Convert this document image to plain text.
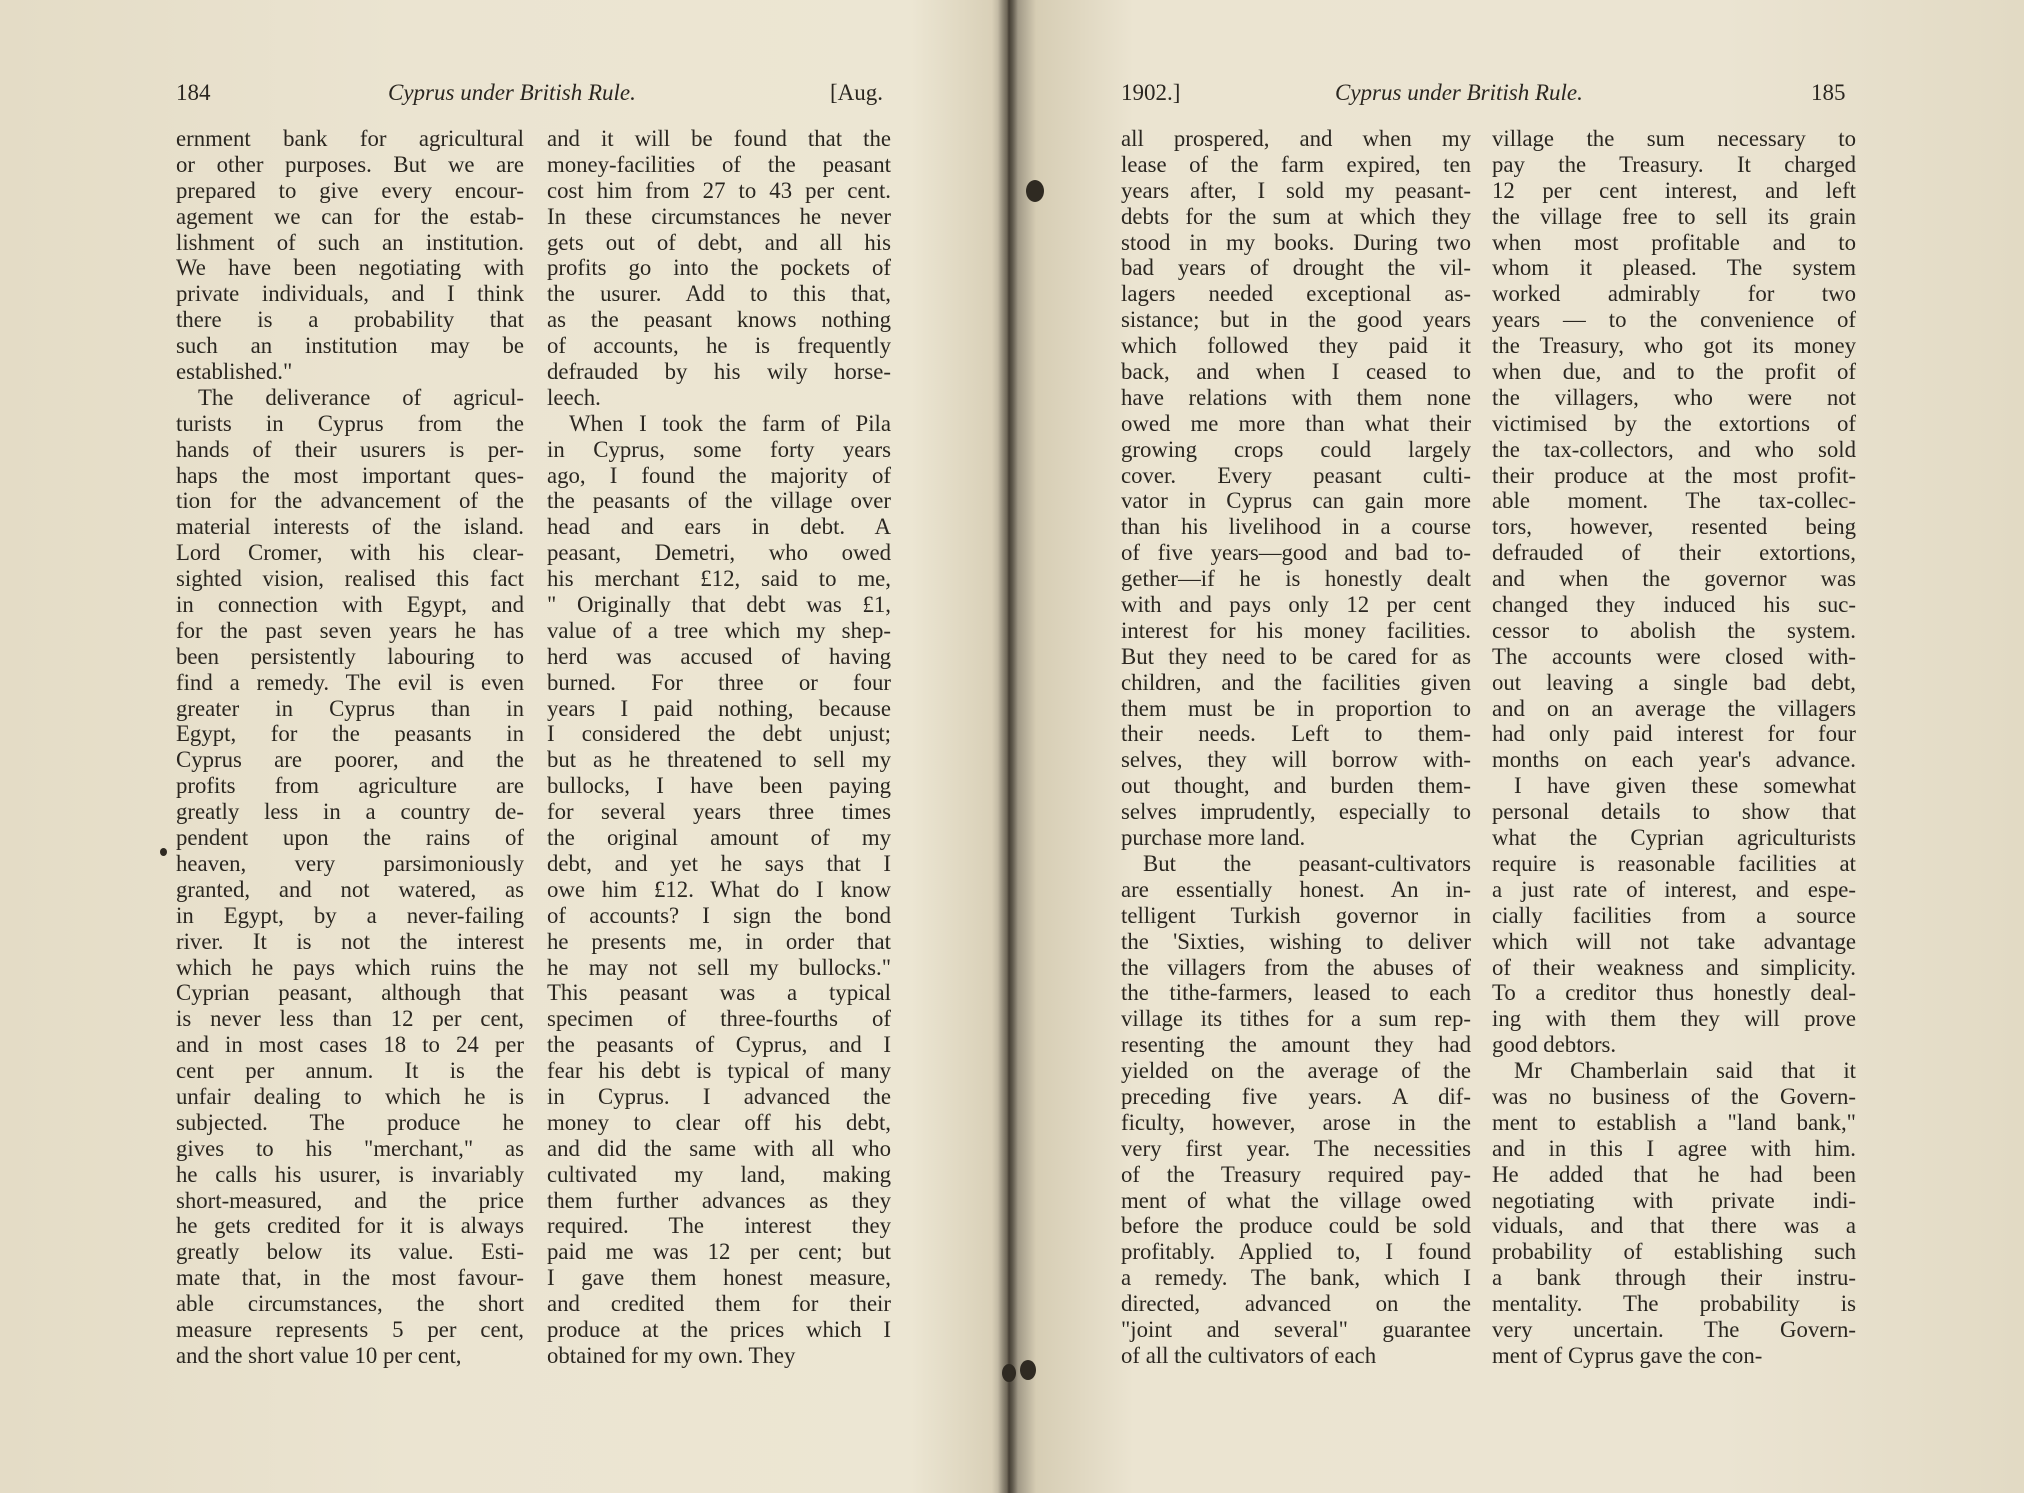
184	Cyprus under British Rule.	[Aug.
ernment bank for agricultural
or other purposes. But we are
prepared to give every encour-
agement we can for the estab-
lishment of such an institution.
We have been negotiating with
private individuals, and I think
there is a probability that
such an institution may be
established."
The deliverance of agricul-
turists in Cyprus from the
hands of their usurers is per-
haps the most important ques-
tion for the advancement of the
material interests of the island.
Lord Cromer, with his clear-
sighted vision, realised this fact
in connection with Egypt, and
for the past seven years he has
been persistently labouring to
find a remedy. The evil is even
greater in Cyprus than in
Egypt, for the peasants in
Cyprus are poorer, and the
profits from agriculture are
greatly less in a country de-
pendent upon the rains of
heaven, very parsimoniously
granted, and not watered, as
in Egypt, by a never-failing
river. It is not the interest
which he pays which ruins the
Cyprian peasant, although that
is never less than 12 per cent,
and in most cases 18 to 24 per
cent per annum. It is the
unfair dealing to which he is
subjected. The produce he
gives to his "merchant," as
he calls his usurer, is invariably
short-measured, and the price
he gets credited for it is always
greatly below its value. Esti-
mate that, in the most favour-
able circumstances, the short
measure represents 5 per cent,
and the short value 10 per cent,
and it will be found that the
money-facilities of the peasant
cost him from 27 to 43 per cent.
In these circumstances he never
gets out of debt, and all his
profits go into the pockets of
the usurer. Add to this that,
as the peasant knows nothing
of accounts, he is frequently
defrauded by his wily horse-
leech.
When I took the farm of Pila
in Cyprus, some forty years
ago, I found the majority of
the peasants of the village over
head and ears in debt. A
peasant, Demetri, who owed
his merchant £12, said to me,
" Originally that debt was £1,
value of a tree which my shep-
herd was accused of having
burned. For three or four
years I paid nothing, because
I considered the debt unjust;
but as he threatened to sell my
bullocks, I have been paying
for several years three times
the original amount of my
debt, and yet he says that I
owe him £12. What do I know
of accounts? I sign the bond
he presents me, in order that
he may not sell my bullocks."
This peasant was a typical
specimen of three-fourths of
the peasants of Cyprus, and I
fear his debt is typical of many
in Cyprus. I advanced the
money to clear off his debt,
and did the same with all who
cultivated my land, making
them further advances as they
required. The interest they
paid me was 12 per cent; but
I gave them honest measure,
and credited them for their
produce at the prices which I
obtained for my own. They
1902.]	Cyprus under British Rule.	185
all prospered, and when my
lease of the farm expired, ten
years after, I sold my peasant-
debts for the sum at which they
stood in my books. During two
bad years of drought the vil-
lagers needed exceptional as-
sistance; but in the good years
which followed they paid it
back, and when I ceased to
have relations with them none
owed me more than what their
growing crops could largely
cover. Every peasant culti-
vator in Cyprus can gain more
than his livelihood in a course
of five years—good and bad to-
gether—if he is honestly dealt
with and pays only 12 per cent
interest for his money facilities.
But they need to be cared for as
children, and the facilities given
them must be in proportion to
their needs. Left to them-
selves, they will borrow with-
out thought, and burden them-
selves imprudently, especially to
purchase more land.
But the peasant-cultivators
are essentially honest. An in-
telligent Turkish governor in
the 'Sixties, wishing to deliver
the villagers from the abuses of
the tithe-farmers, leased to each
village its tithes for a sum rep-
resenting the amount they had
yielded on the average of the
preceding five years. A dif-
ficulty, however, arose in the
very first year. The necessities
of the Treasury required pay-
ment of what the village owed
before the produce could be sold
profitably. Applied to, I found
a remedy. The bank, which I
directed, advanced on the
"joint and several" guarantee
of all the cultivators of each
village the sum necessary to
pay the Treasury. It charged
12 per cent interest, and left
the village free to sell its grain
when most profitable and to
whom it pleased. The system
worked admirably for two
years — to the convenience of
the Treasury, who got its money
when due, and to the profit of
the villagers, who were not
victimised by the extortions of
the tax-collectors, and who sold
their produce at the most profit-
able moment. The tax-collec-
tors, however, resented being
defrauded of their extortions,
and when the governor was
changed they induced his suc-
cessor to abolish the system.
The accounts were closed with-
out leaving a single bad debt,
and on an average the villagers
had only paid interest for four
months on each year's advance.
I have given these somewhat
personal details to show that
what the Cyprian agriculturists
require is reasonable facilities at
a just rate of interest, and espe-
cially facilities from a source
which will not take advantage
of their weakness and simplicity.
To a creditor thus honestly deal-
ing with them they will prove
good debtors.
Mr Chamberlain said that it
was no business of the Govern-
ment to establish a "land bank,"
and in this I agree with him.
He added that he had been
negotiating with private indi-
viduals, and that there was a
probability of establishing such
a bank through their instru-
mentality. The probability is
very uncertain. The Govern-
ment of Cyprus gave the con-
